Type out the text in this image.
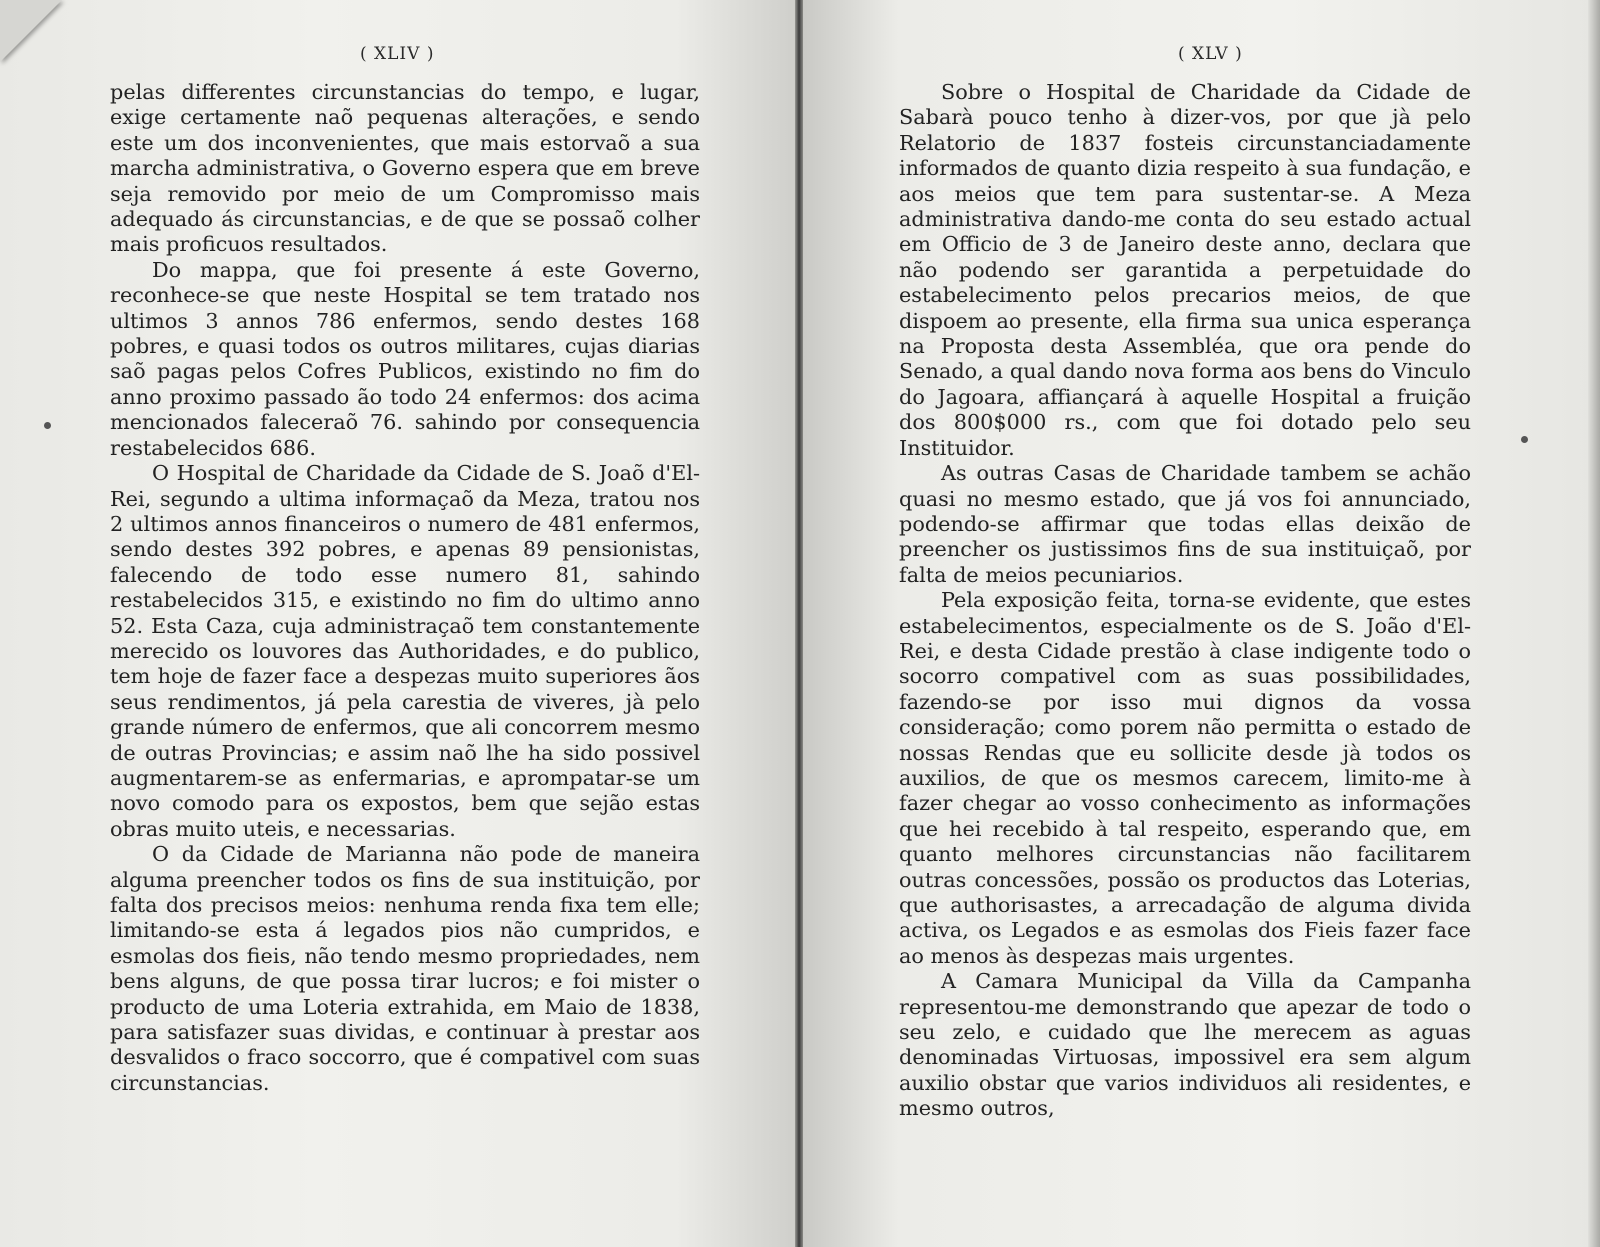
( XLIV )

pelas differentes circunstancias do tempo, e lugar, exige certamente naõ pequenas alterações, e sendo este um dos inconvenientes, que mais estorvaõ a sua marcha administrativa, o Governo espera que em breve seja removido por meio de um Compromisso mais adequado ás circunstancias, e de que se possaõ colher mais proficuos resultados.

Do mappa, que foi presente á este Governo, reconhece-se que neste Hospital se tem tratado nos ultimos 3 annos 786 enfermos, sendo destes 168 pobres, e quasi todos os outros militares, cujas diarias saõ pagas pelos Cofres Publicos, existindo no fim do anno proximo passado ão todo 24 enfermos: dos acima mencionados faleceraõ 76. sahindo por consequencia restabelecidos 686.

O Hospital de Charidade da Cidade de S. Joaõ d'El-Rei, segundo a ultima informaçaõ da Meza, tratou nos 2 ultimos annos financeiros o numero de 481 enfermos, sendo destes 392 pobres, e apenas 89 pensionistas, falecendo de todo esse numero 81, sahindo restabelecidos 315, e existindo no fim do ultimo anno 52. Esta Caza, cuja administraçaõ tem constantemente merecido os louvores das Authoridades, e do publico, tem hoje de fazer face a despezas muito superiores ãos seus rendimentos, já pela carestia de viveres, jà pelo grande número de enfermos, que ali concorrem mesmo de outras Provincias; e assim naõ lhe ha sido possivel augmentarem-se as enfermarias, e aprompatar-se um novo comodo para os expostos, bem que sejão estas obras muito uteis, e necessarias.

O da Cidade de Marianna não pode de maneira alguma preencher todos os fins de sua instituição, por falta dos precisos meios: nenhuma renda fixa tem elle; limitando-se esta á legados pios não cumpridos, e esmolas dos fieis, não tendo mesmo propriedades, nem bens alguns, de que possa tirar lucros; e foi mister o producto de uma Loteria extrahida, em Maio de 1838, para satisfazer suas dividas, e continuar à prestar aos desvalidos o fraco soccorro, que é compativel com suas circunstancias.

( XLV )

Sobre o Hospital de Charidade da Cidade de Sabarà pouco tenho à dizer-vos, por que jà pelo Relatorio de 1837 fosteis circunstanciadamente informados de quanto dizia respeito à sua fundação, e aos meios que tem para sustentar-se. A Meza administrativa dando-me conta do seu estado actual em Officio de 3 de Janeiro deste anno, declara que não podendo ser garantida a perpetuidade do estabelecimento pelos precarios meios, de que dispoem ao presente, ella firma sua unica esperança na Proposta desta Assembléa, que ora pende do Senado, a qual dando nova forma aos bens do Vinculo do Jagoara, affiançará à aquelle Hospital a fruição dos 800$000 rs., com que foi dotado pelo seu Instituidor.

As outras Casas de Charidade tambem se achão quasi no mesmo estado, que já vos foi annunciado, podendo-se affirmar que todas ellas deixão de preencher os justissimos fins de sua instituiçaõ, por falta de meios pecuniarios.

Pela exposição feita, torna-se evidente, que estes estabelecimentos, especialmente os de S. João d'El-Rei, e desta Cidade prestão à clase indigente todo o socorro compativel com as suas possibilidades, fazendo-se por isso mui dignos da vossa consideração; como porem não permitta o estado de nossas Rendas que eu sollicite desde jà todos os auxilios, de que os mesmos carecem, limito-me à fazer chegar ao vosso conhecimento as informações que hei recebido à tal respeito, esperando que, em quanto melhores circunstancias não facilitarem outras concessões, possão os productos das Loterias, que authorisastes, a arrecadação de alguma divida activa, os Legados e as esmolas dos Fieis fazer face ao menos às despezas mais urgentes.

A Camara Municipal da Villa da Campanha representou-me demonstrando que apezar de todo o seu zelo, e cuidado que lhe merecem as aguas denominadas Virtuosas, impossivel era sem algum auxilio obstar que varios individuos ali residentes, e mesmo outros,
